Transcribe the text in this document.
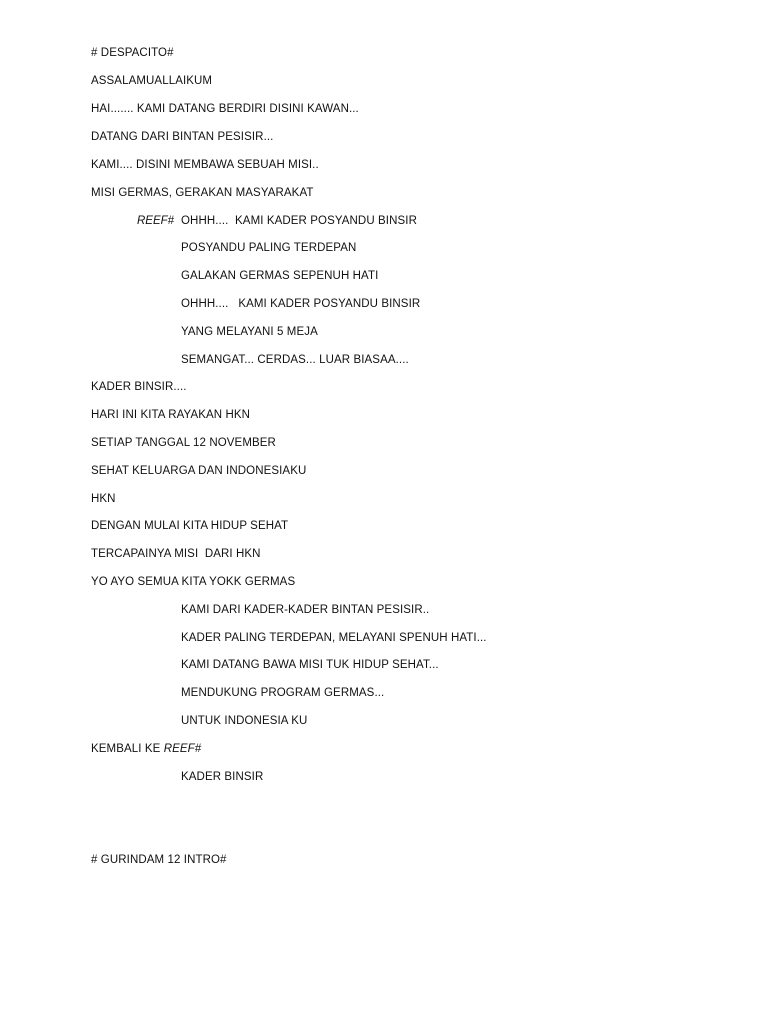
# DESPACITO#
ASSALAMUALLAIKUM
HAI....... KAMI DATANG BERDIRI DISINI KAWAN...
DATANG DARI BINTAN PESISIR...
KAMI.... DISINI MEMBAWA SEBUAH MISI..
MISI GERMAS, GERAKAN MASYARAKAT
REEF# OHHH....  KAMI KADER POSYANDU BINSIR
POSYANDU PALING TERDEPAN
GALAKAN GERMAS SEPENUH HATI
OHHH....   KAMI KADER POSYANDU BINSIR
YANG MELAYANI 5 MEJA
SEMANGAT... CERDAS... LUAR BIASAA....
KADER BINSIR....
HARI INI KITA RAYAKAN HKN
SETIAP TANGGAL 12 NOVEMBER
SEHAT KELUARGA DAN INDONESIAKU
HKN
DENGAN MULAI KITA HIDUP SEHAT
TERCAPAINYA MISI  DARI HKN
YO AYO SEMUA KITA YOKK GERMAS
KAMI DARI KADER-KADER BINTAN PESISIR..
KADER PALING TERDEPAN, MELAYANI SPENUH HATI...
KAMI DATANG BAWA MISI TUK HIDUP SEHAT...
MENDUKUNG PROGRAM GERMAS...
UNTUK INDONESIA KU
KEMBALI KE REEF#
KADER BINSIR
# GURINDAM 12 INTRO#
